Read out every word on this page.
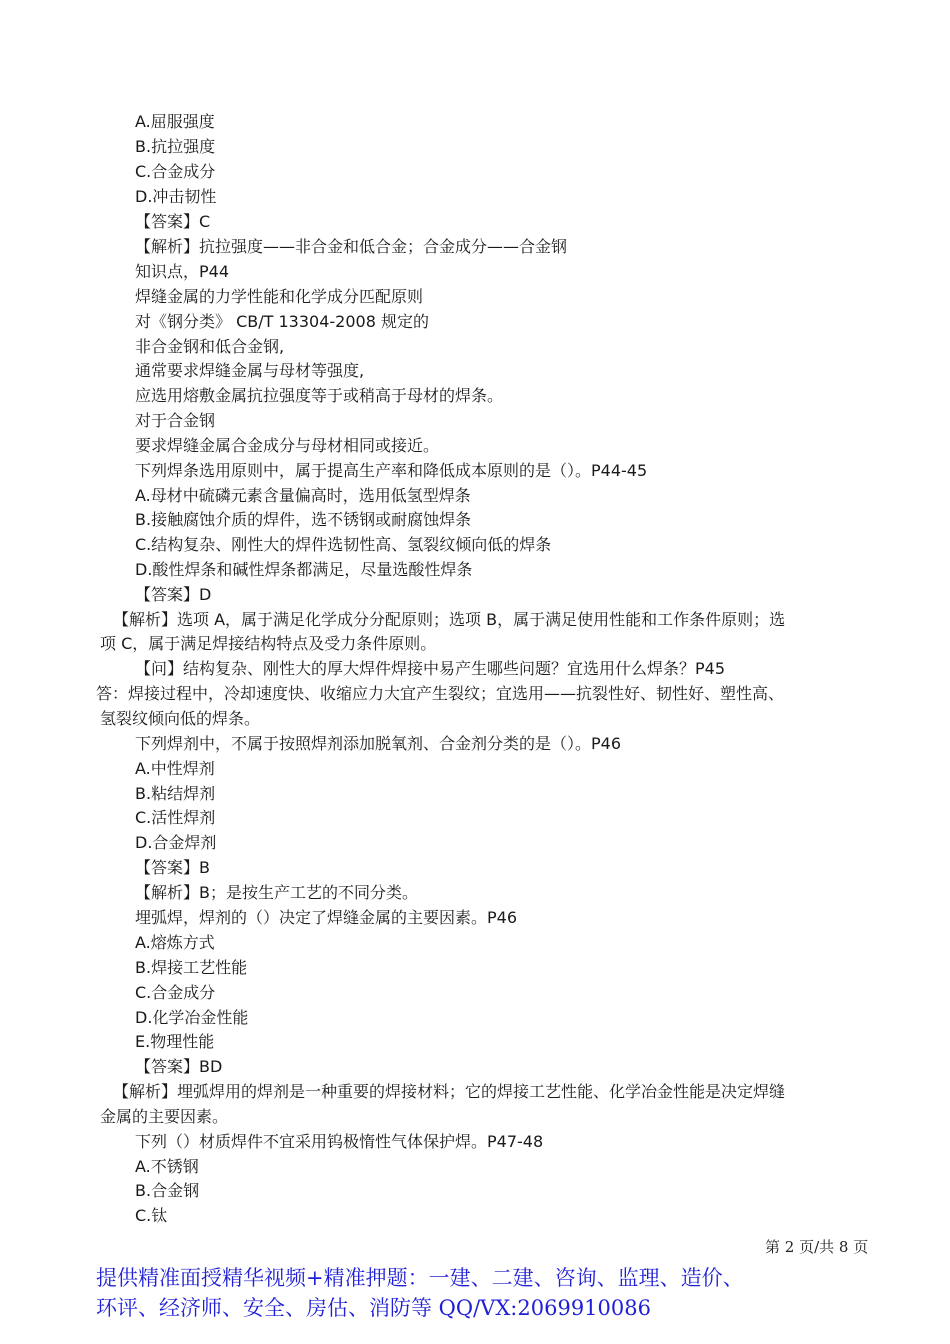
A.屈服强度
B.抗拉强度
C.合金成分
D.冲击韧性
【答案】C
【解析】抗拉强度——非合金和低合金；合金成分——合金钢
知识点，P44
焊缝金属的力学性能和化学成分匹配原则
对《钢分类》 CB/T 13304-2008 规定的
非合金钢和低合金钢,
通常要求焊缝金属与母材等强度,
应选用熔敷金属抗拉强度等于或稍高于母材的焊条。
对于合金钢
要求焊缝金属合金成分与母材相同或接近。
下列焊条选用原则中，属于提高生产率和降低成本原则的是（）。P44-45
A.母材中硫磷元素含量偏高时，选用低氢型焊条
B.接触腐蚀介质的焊件，选不锈钢或耐腐蚀焊条
C.结构复杂、刚性大的焊件选韧性高、氢裂纹倾向低的焊条
D.酸性焊条和碱性焊条都满足，尽量选酸性焊条
【答案】D
【解析】选项 A，属于满足化学成分分配原则；选项 B，属于满足使用性能和工作条件原则；选
项 C，属于满足焊接结构特点及受力条件原则。
【问】结构复杂、刚性大的厚大焊件焊接中易产生哪些问题？宜选用什么焊条？P45
答：焊接过程中，冷却速度快、收缩应力大宜产生裂纹；宜选用——抗裂性好、韧性好、塑性高、
氢裂纹倾向低的焊条。
下列焊剂中，不属于按照焊剂添加脱氧剂、合金剂分类的是（）。P46
A.中性焊剂
B.粘结焊剂
C.活性焊剂
D.合金焊剂
【答案】B
【解析】B；是按生产工艺的不同分类。
埋弧焊，焊剂的（）决定了焊缝金属的主要因素。P46
A.熔炼方式
B.焊接工艺性能
C.合金成分
D.化学冶金性能
E.物理性能
【答案】BD
【解析】埋弧焊用的焊剂是一种重要的焊接材料；它的焊接工艺性能、化学冶金性能是决定焊缝
金属的主要因素。
下列（）材质焊件不宜采用钨极惰性气体保护焊。P47-48
A.不锈钢
B.合金钢
C.钛
第 2 页/共 8 页
提供精准面授精华视频+精准押题：一建、二建、咨询、监理、造价、
环评、经济师、安全、房估、消防等 QQ/VX:2069910086
